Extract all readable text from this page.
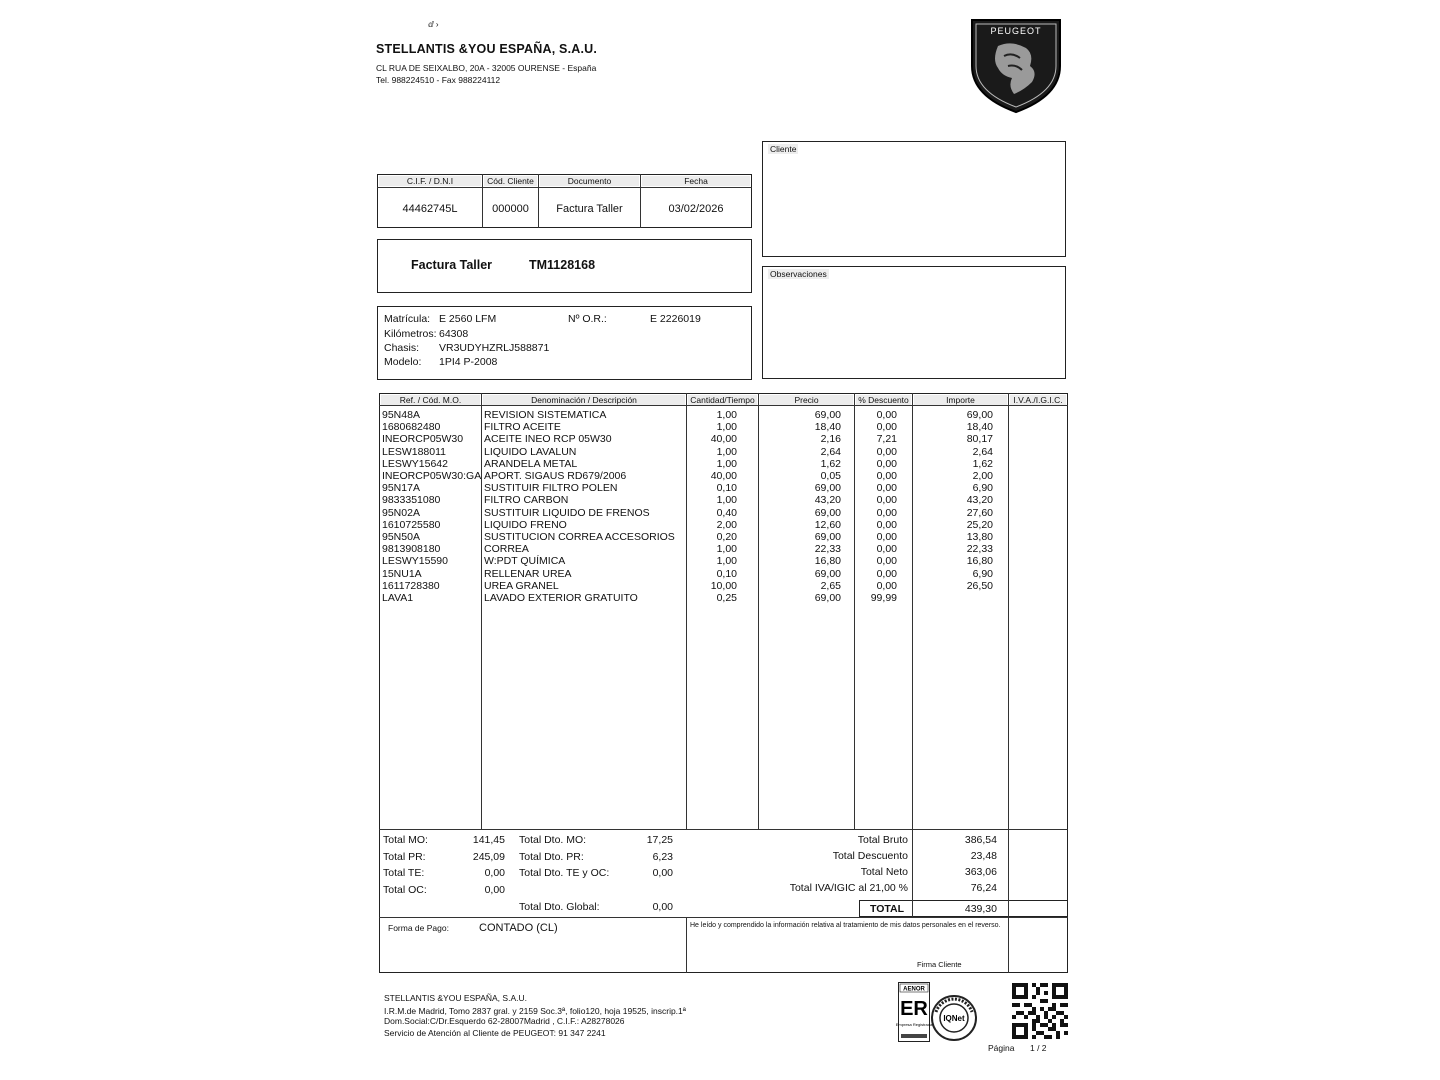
ⅆ ›
STELLANTIS &YOU ESPAÑA, S.A.U.
CL RUA DE SEIXALBO, 20A - 32005 OURENSE - España
Tel. 988224510 - Fax 988224112
PEUGEOT
Cliente
Observaciones
C.I.F. / D.N.I	Cód. Cliente	Documento	Fecha
44462745L	000000	Factura Taller	03/02/2026
Factura Taller	TM1128168
Matrícula: E 2560 LFM	Nº O.R.:	E 2226019
Kilómetros: 64308
Chasis: VR3UDYHZRLJ588871
Modelo: 1PI4 P-2008
Ref. / Cód. M.O.	Denominación / Descripción	Cantidad/Tiempo	Precio	% Descuento	Importe	I.V.A./I.G.I.C.
95N48A	REVISION SISTEMATICA	1,00	69,00	0,00	69,00
1680682480	FILTRO ACEITE	1,00	18,40	0,00	18,40
INEORCP05W30	ACEITE INEO RCP 05W30	40,00	2,16	7,21	80,17
LESW188011	LIQUIDO LAVALUN	1,00	2,64	0,00	2,64
LESWY15642	ARANDELA METAL	1,00	1,62	0,00	1,62
INEORCP05W30:GA APORT. SIGAUS RD679/2006	40,00	0,05	0,00	2,00
95N17A	SUSTITUIR FILTRO POLEN	0,10	69,00	0,00	6,90
9833351080	FILTRO CARBON	1,00	43,20	0,00	43,20
95N02A	SUSTITUIR LIQUIDO DE FRENOS	0,40	69,00	0,00	27,60
1610725580	LIQUIDO FRENO	2,00	12,60	0,00	25,20
95N50A	SUSTITUCION CORREA ACCESORIOS	0,20	69,00	0,00	13,80
9813908180	CORREA	1,00	22,33	0,00	22,33
LESWY15590	W:PDT QUÍMICA	1,00	16,80	0,00	16,80
15NU1A	RELLENAR UREA	0,10	69,00	0,00	6,90
1611728380	UREA GRANEL	10,00	2,65	0,00	26,50
LAVA1	LAVADO EXTERIOR GRATUITO	0,25	69,00	99,99
Total MO:	141,45
Total PR:	245,09
Total TE:	0,00
Total OC:	0,00
Total Dto. MO:	17,25
Total Dto. PR:	6,23
Total Dto. TE y OC:	0,00
Total Dto. Global:	0,00
Total Bruto	386,54
Total Descuento	23,48
Total Neto	363,06
Total IVA/IGIC al 21,00 %	76,24
TOTAL	439,30
Forma de Pago:	CONTADO (CL)	He leído y comprendido la información relativa al tratamiento de mis datos personales en el reverso.
Firma Cliente
STELLANTIS &YOU ESPAÑA, S.A.U.
I.R.M.de Madrid, Tomo 2837 gral. y 2159 Soc.3ª, folio120, hoja 19525, inscrip.1ª
Dom.Social:C/Dr.Esquerdo 62-28007Madrid , C.I.F.: A28278026
Servicio de Atención al Cliente de PEUGEOT: 91 347 2241
AENOR
ER
Empresa Registrada
IQNet
Página 1 / 2
